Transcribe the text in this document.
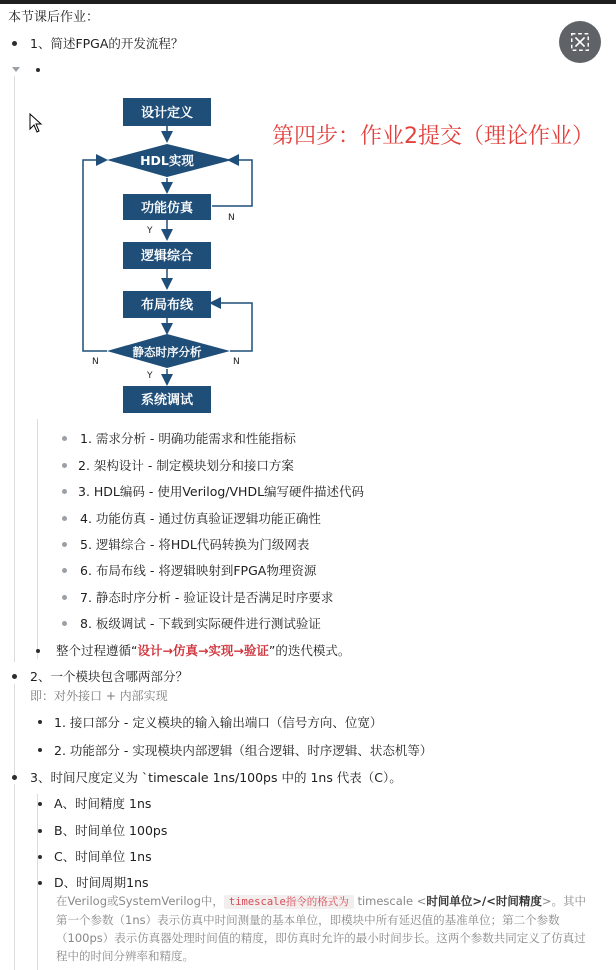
本节课后作业：
1、简述FPGA的开发流程？
设计定义
HDL实现
功能仿真
逻辑综合
布局布线
静态时序分析
系统调试
Y
Y
N
N
N
第四步：作业2提交（理论作业）
1. 需求分析 - 明确功能需求和性能指标
2. 架构设计 - 制定模块划分和接口方案
3. HDL编码 - 使用Verilog/VHDL编写硬件描述代码
4. 功能仿真 - 通过仿真验证逻辑功能正确性
5. 逻辑综合 - 将HDL代码转换为门级网表
6. 布局布线 - 将逻辑映射到FPGA物理资源
7. 静态时序分析 - 验证设计是否满足时序要求
8. 板级调试 - 下载到实际硬件进行测试验证
整个过程遵循“设计→仿真→实现→验证”的迭代模式。
2、一个模块包含哪两部分？
即：对外接口 + 内部实现
1. 接口部分 - 定义模块的输入输出端口（信号方向、位宽）
2. 功能部分 - 实现模块内部逻辑（组合逻辑、时序逻辑、状态机等）
3、时间尺度定义为 `timescale 1ns/100ps 中的 1ns 代表（C）。
A、时间精度 1ns
B、时间单位 100ps
C、时间单位 1ns
D、时间周期1ns
在Verilog或SystemVerilog中， timescale指令的格式为 timescale <时间单位>/<时间精度>。其中第一个参数（1ns）表示仿真中时间测量的基本单位，即模块中所有延迟值的基准单位；第二个参数（100ps）表示仿真器处理时间值的精度，即仿真时允许的最小时间步长。这两个参数共同定义了仿真过程中的时间分辨率和精度。
